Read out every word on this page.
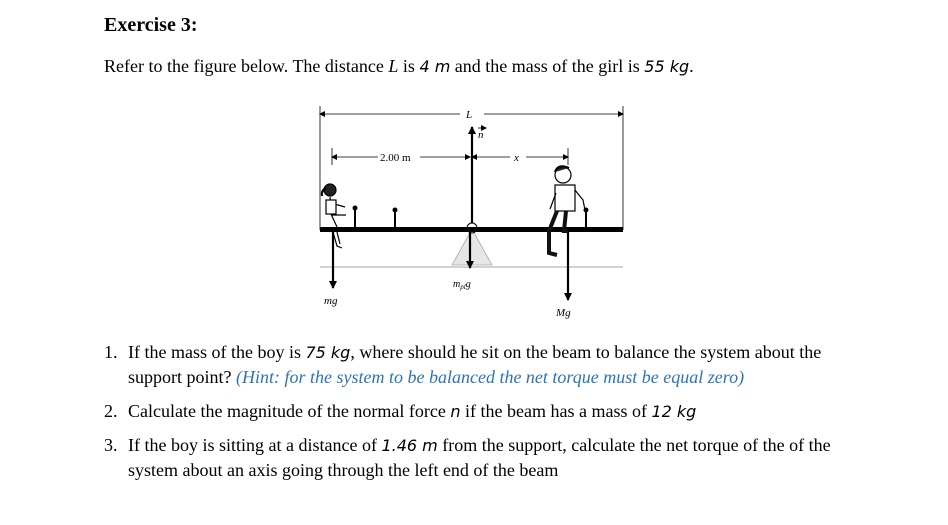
Exercise 3:
Refer to the figure below. The distance L is 4 m and the mass of the girl is 55 kg.
L
2.00 m	x
n
$m_{pl}g$
mg
Mg
1. If the mass of the boy is 75 kg, where should he sit on the beam to balance the system about the support point? (Hint: for the system to be balanced the net torque must be equal zero)
2. Calculate the magnitude of the normal force n if the beam has a mass of 12 kg
3. If the boy is sitting at a distance of 1.46 m from the support, calculate the net torque of the of the system about an axis going through the left end of the beam
